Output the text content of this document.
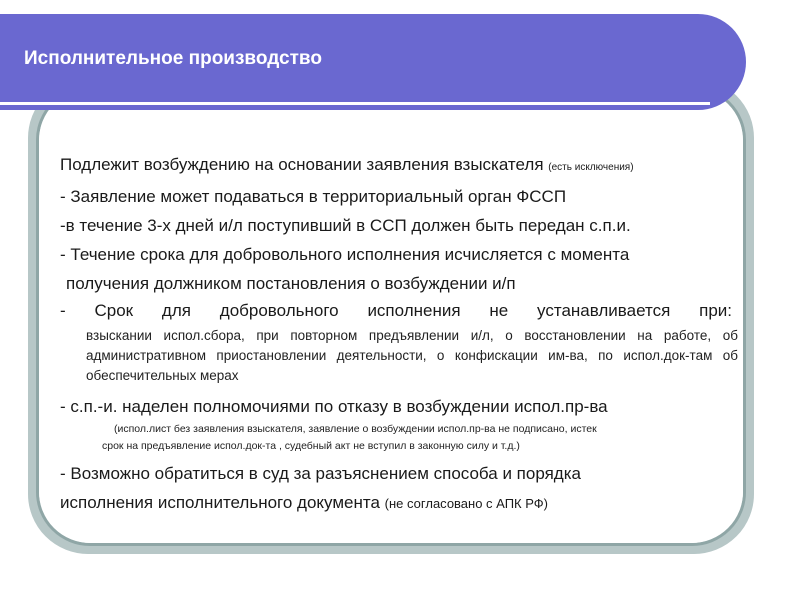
Исполнительное производство

Подлежит возбуждению на основании заявления взыскателя (есть исключения)

- Заявление может подаваться в территориальный орган ФССП

-в течение 3-х дней и/л поступивший в ССП должен быть передан с.п.и.

- Течение срока для добровольного исполнения исчисляется с момента

получения должником постановления о возбуждении и/п

- Срок для добровольного исполнения не устанавливается при:

взыскании испол.сбора, при повторном предъявлении и/л, о восстановлении на работе, об административном приостановлении деятельности, о конфискации им-ва, по испол.док-там об обеспечительных мерах

- с.п.-и. наделен полномочиями по отказу в возбуждении испол.пр-ва

(испол.лист без заявления взыскателя, заявление о возбуждении испол.пр-ва не подписано, истек
срок на предъявление испол.док-та , судебный акт не вступил в законную силу и т.д.)

- Возможно обратиться в суд за разъяснением способа и порядка

исполнения исполнительного документа (не согласовано с АПК РФ)
